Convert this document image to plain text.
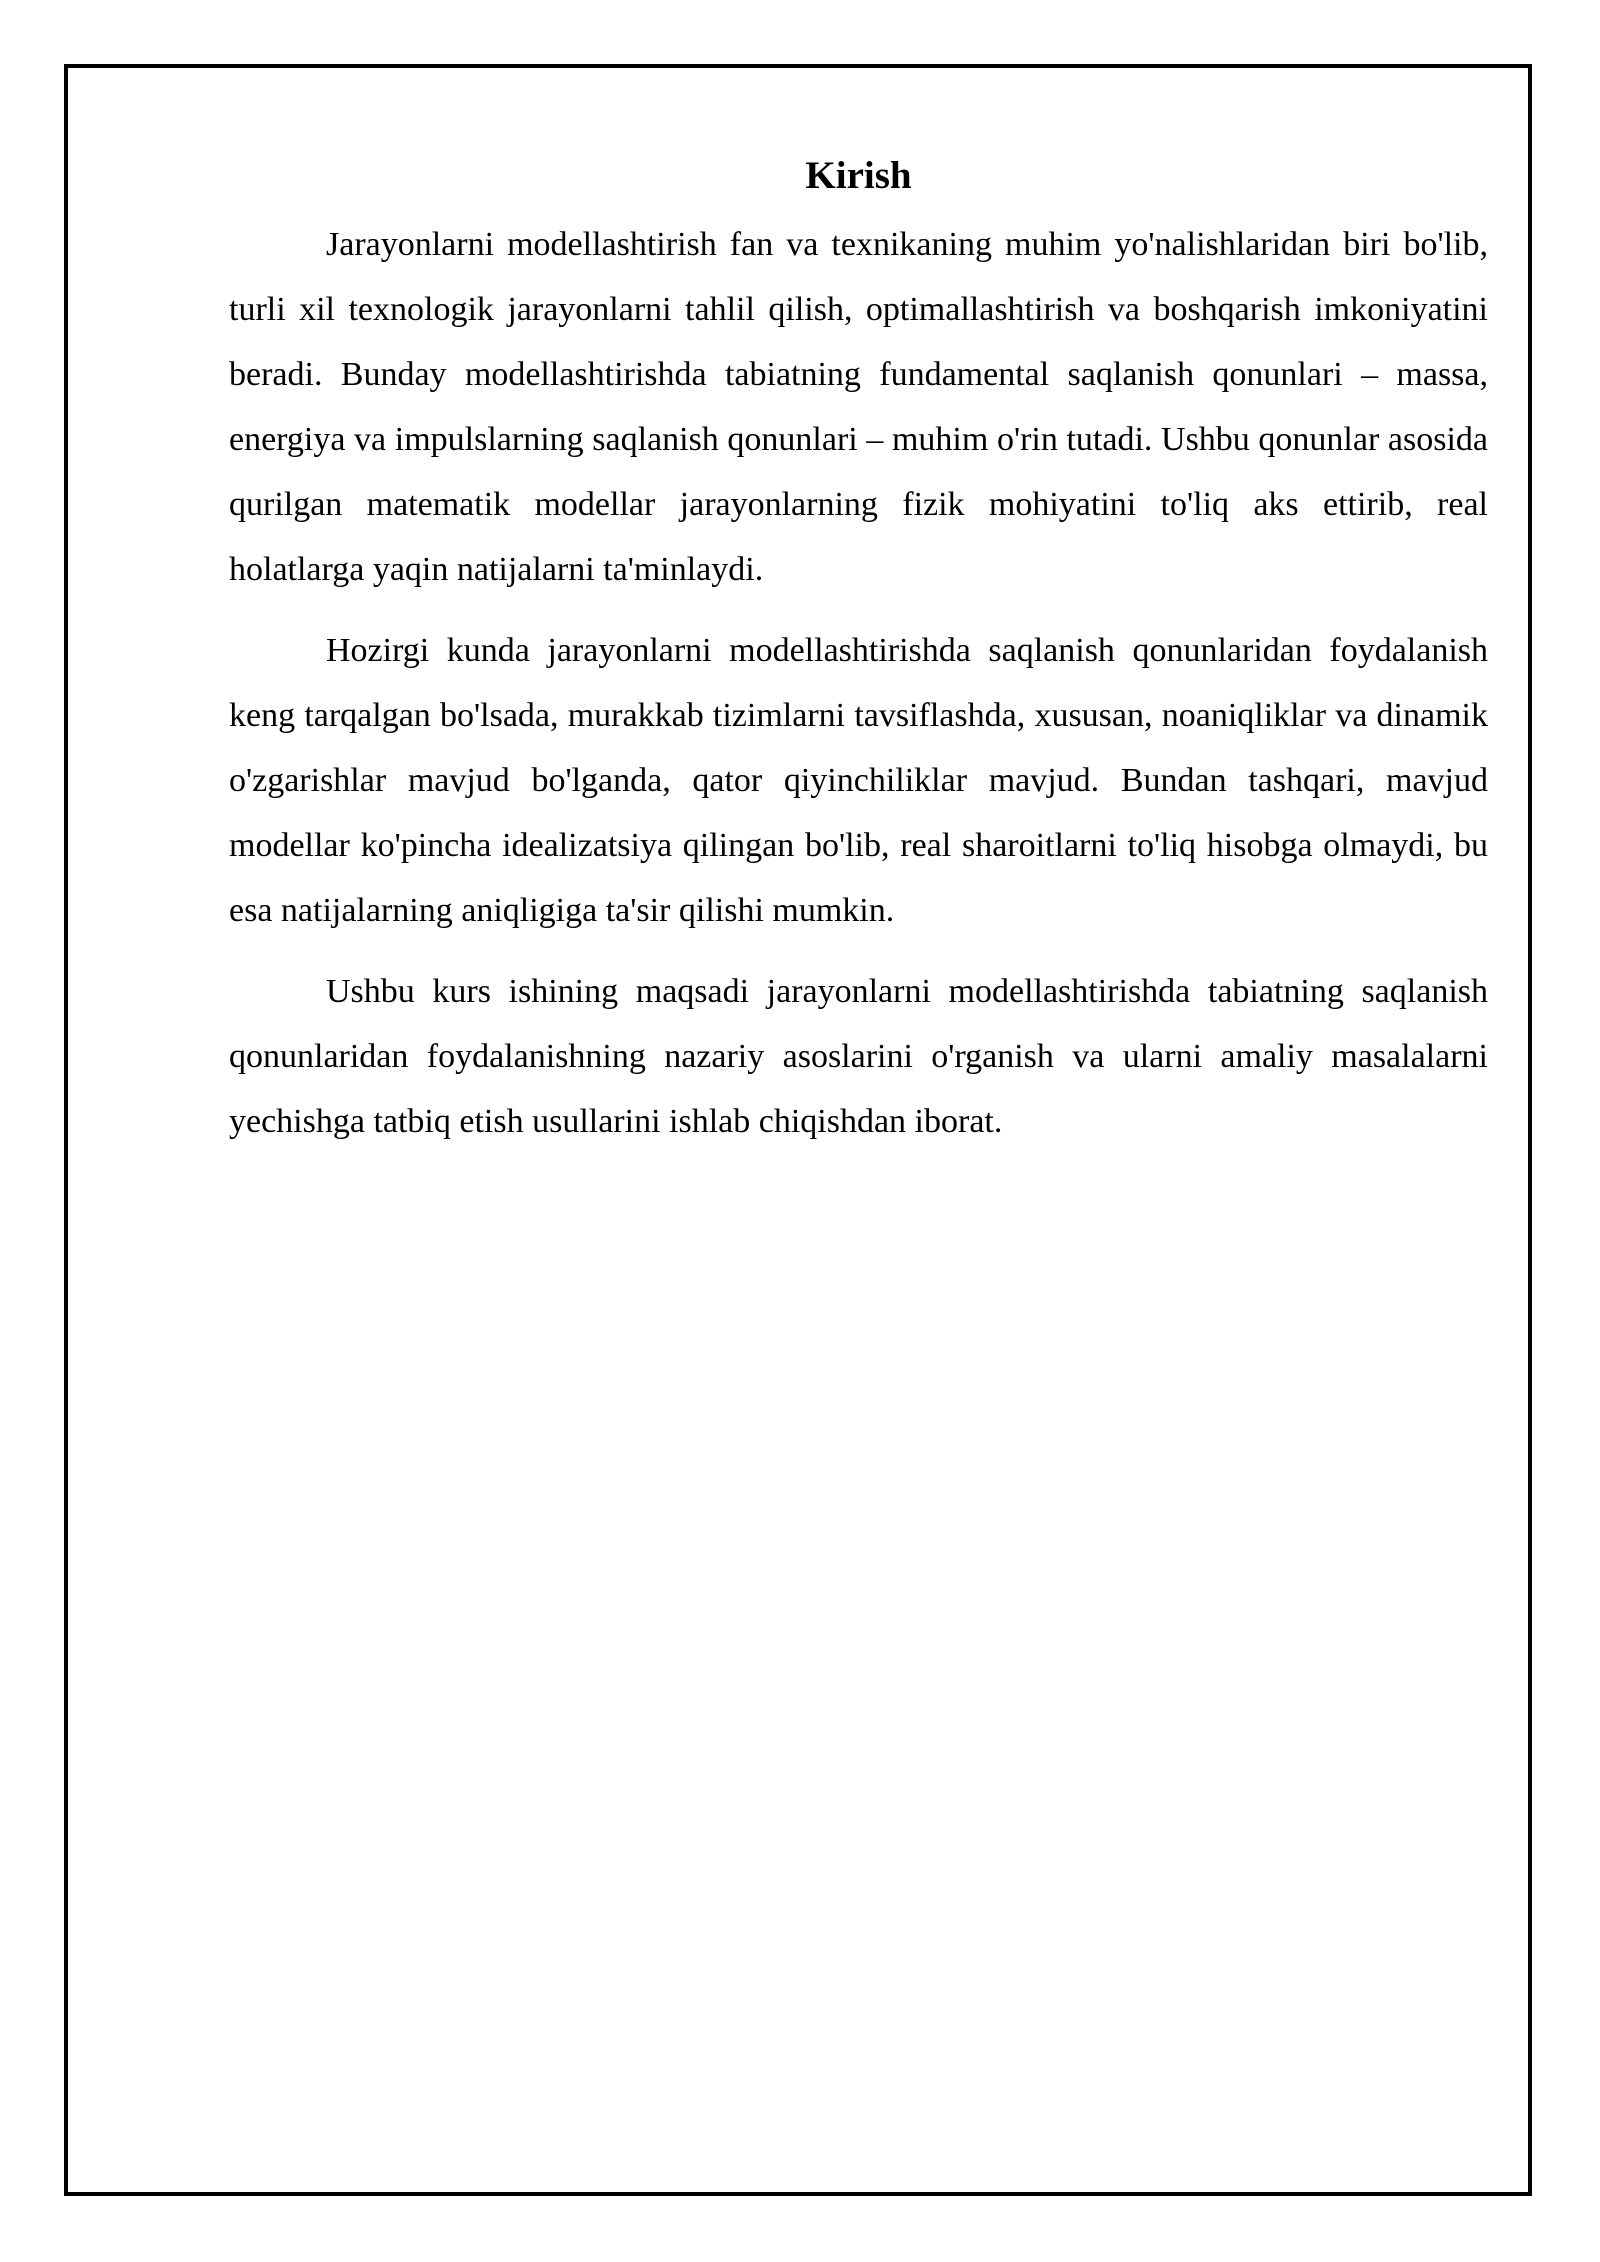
Kirish

Jarayonlarni modellashtirish fan va texnikaning muhim yo'nalishlaridan biri bo'lib, turli xil texnologik jarayonlarni tahlil qilish, optimallashtirish va boshqarish imkoniyatini beradi. Bunday modellashtirishda tabiatning fundamental saqlanish qonunlari – massa, energiya va impulslarning saqlanish qonunlari – muhim o'rin tutadi. Ushbu qonunlar asosida qurilgan matematik modellar jarayonlarning fizik mohiyatini to'liq aks ettirib, real holatlarga yaqin natijalarni ta'minlaydi.

Hozirgi kunda jarayonlarni modellashtirishda saqlanish qonunlaridan foydalanish keng tarqalgan bo'lsada, murakkab tizimlarni tavsiflashda, xususan, noaniqliklar va dinamik o'zgarishlar mavjud bo'lganda, qator qiyinchiliklar mavjud. Bundan tashqari, mavjud modellar ko'pincha idealizatsiya qilingan bo'lib, real sharoitlarni to'liq hisobga olmaydi, bu esa natijalarning aniqligiga ta'sir qilishi mumkin.

Ushbu kurs ishining maqsadi jarayonlarni modellashtirishda tabiatning saqlanish qonunlaridan foydalanishning nazariy asoslarini o'rganish va ularni amaliy masalalarni yechishga tatbiq etish usullarini ishlab chiqishdan iborat.
